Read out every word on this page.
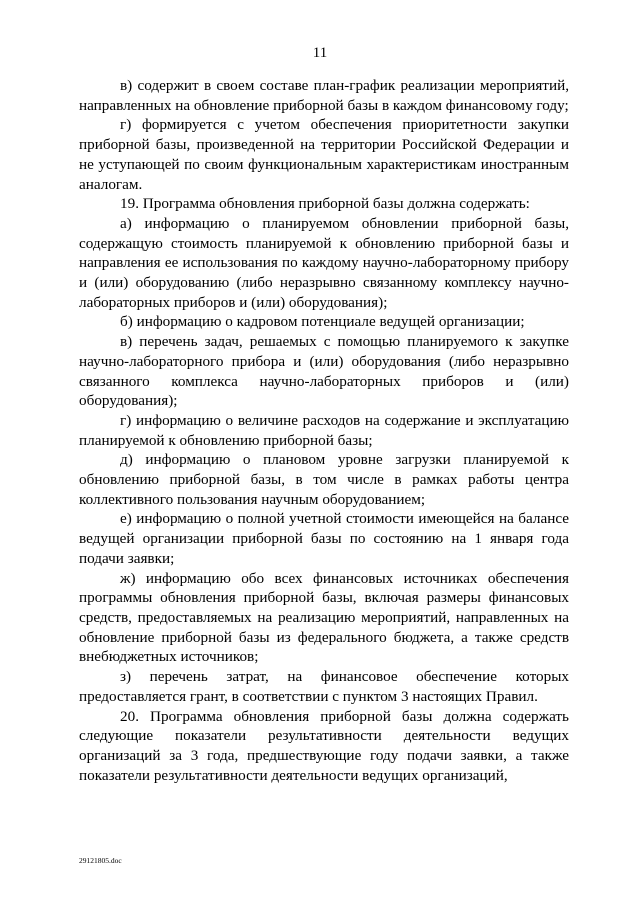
11

в) содержит в своем составе план-график реализации мероприятий, направленных на обновление приборной базы в каждом финансовому году;

г) формируется с учетом обеспечения приоритетности закупки приборной базы, произведенной на территории Российской Федерации и не уступающей по своим функциональным характеристикам иностранным аналогам.

19. Программа обновления приборной базы должна содержать:

а) информацию о планируемом обновлении приборной базы, содержащую стоимость планируемой к обновлению приборной базы и направления ее использования по каждому научно-лабораторному прибору и (или) оборудованию (либо неразрывно связанному комплексу научно-лабораторных приборов и (или) оборудования);

б) информацию о кадровом потенциале ведущей организации;

в) перечень задач, решаемых с помощью планируемого к закупке научно-лабораторного прибора и (или) оборудования (либо неразрывно связанного комплекса научно-лабораторных приборов и (или) оборудования);

г) информацию о величине расходов на содержание и эксплуатацию планируемой к обновлению приборной базы;

д) информацию о плановом уровне загрузки планируемой к обновлению приборной базы, в том числе в рамках работы центра коллективного пользования научным оборудованием;

е) информацию о полной учетной стоимости имеющейся на балансе ведущей организации приборной базы по состоянию на 1 января года подачи заявки;

ж) информацию обо всех финансовых источниках обеспечения программы обновления приборной базы, включая размеры финансовых средств, предоставляемых на реализацию мероприятий, направленных на обновление приборной базы из федерального бюджета, а также средств внебюджетных источников;

з) перечень затрат, на финансовое обеспечение которых предоставляется грант, в соответствии с пунктом 3 настоящих Правил.

20. Программа обновления приборной базы должна содержать следующие показатели результативности деятельности ведущих организаций за 3 года, предшествующие году подачи заявки, а также показатели результативности деятельности ведущих организаций,

29121805.doc
